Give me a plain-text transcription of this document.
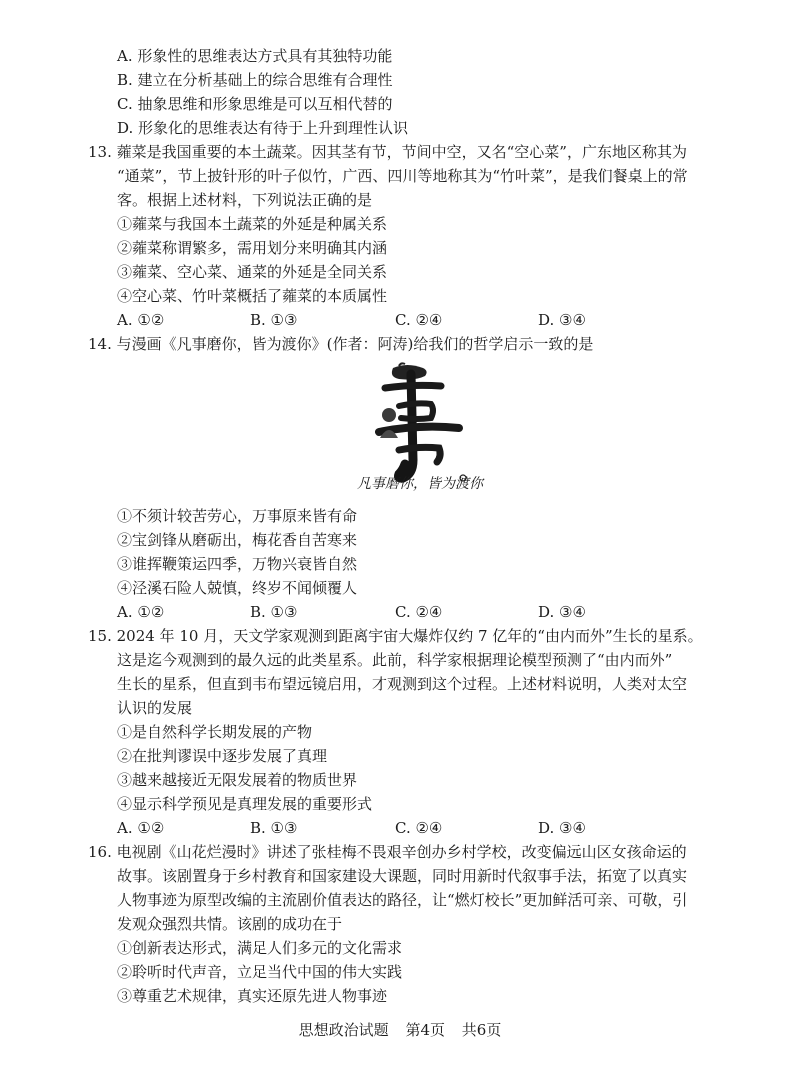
A. 形象性的思维表达方式具有其独特功能
B. 建立在分析基础上的综合思维有合理性
C. 抽象思维和形象思维是可以互相代替的
D. 形象化的思维表达有待于上升到理性认识
13. 蕹菜是我国重要的本土蔬菜。因其茎有节，节间中空，又名“空心菜”，广东地区称其为
“通菜”，节上披针形的叶子似竹，广西、四川等地称其为“竹叶菜”，是我们餐桌上的常
客。根据上述材料，下列说法正确的是
①蕹菜与我国本土蔬菜的外延是种属关系
②蕹菜称谓繁多，需用划分来明确其内涵
③蕹菜、空心菜、通菜的外延是全同关系
④空心菜、竹叶菜概括了蕹菜的本质属性
A. ①②	B. ①③	C. ②④	D. ③④
14. 与漫画《凡事磨你，皆为渡你》(作者：阿涛)给我们的哲学启示一致的是
凡事磨你，皆为渡你
①不须计较苦劳心，万事原来皆有命
②宝剑锋从磨砺出，梅花香自苦寒来
③谁挥鞭策运四季，万物兴衰皆自然
④泾溪石险人兢慎，终岁不闻倾覆人
A. ①②	B. ①③	C. ②④	D. ③④
15. 2024 年 10 月，天文学家观测到距离宇宙大爆炸仅约 7 亿年的“由内而外”生长的星系。
这是迄今观测到的最久远的此类星系。此前，科学家根据理论模型预测了“由内而外”
生长的星系，但直到韦布望远镜启用，才观测到这个过程。上述材料说明，人类对太空
认识的发展
①是自然科学长期发展的产物
②在批判谬误中逐步发展了真理
③越来越接近无限发展着的物质世界
④显示科学预见是真理发展的重要形式
A. ①②	B. ①③	C. ②④	D. ③④
16. 电视剧《山花烂漫时》讲述了张桂梅不畏艰辛创办乡村学校，改变偏远山区女孩命运的
故事。该剧置身于乡村教育和国家建设大课题，同时用新时代叙事手法，拓宽了以真实
人物事迹为原型改编的主流剧价值表达的路径，让“燃灯校长”更加鲜活可亲、可敬，引
发观众强烈共情。该剧的成功在于
①创新表达形式，满足人们多元的文化需求
②聆听时代声音，立足当代中国的伟大实践
③尊重艺术规律，真实还原先进人物事迹
思想政治试题 第4页 共6页
